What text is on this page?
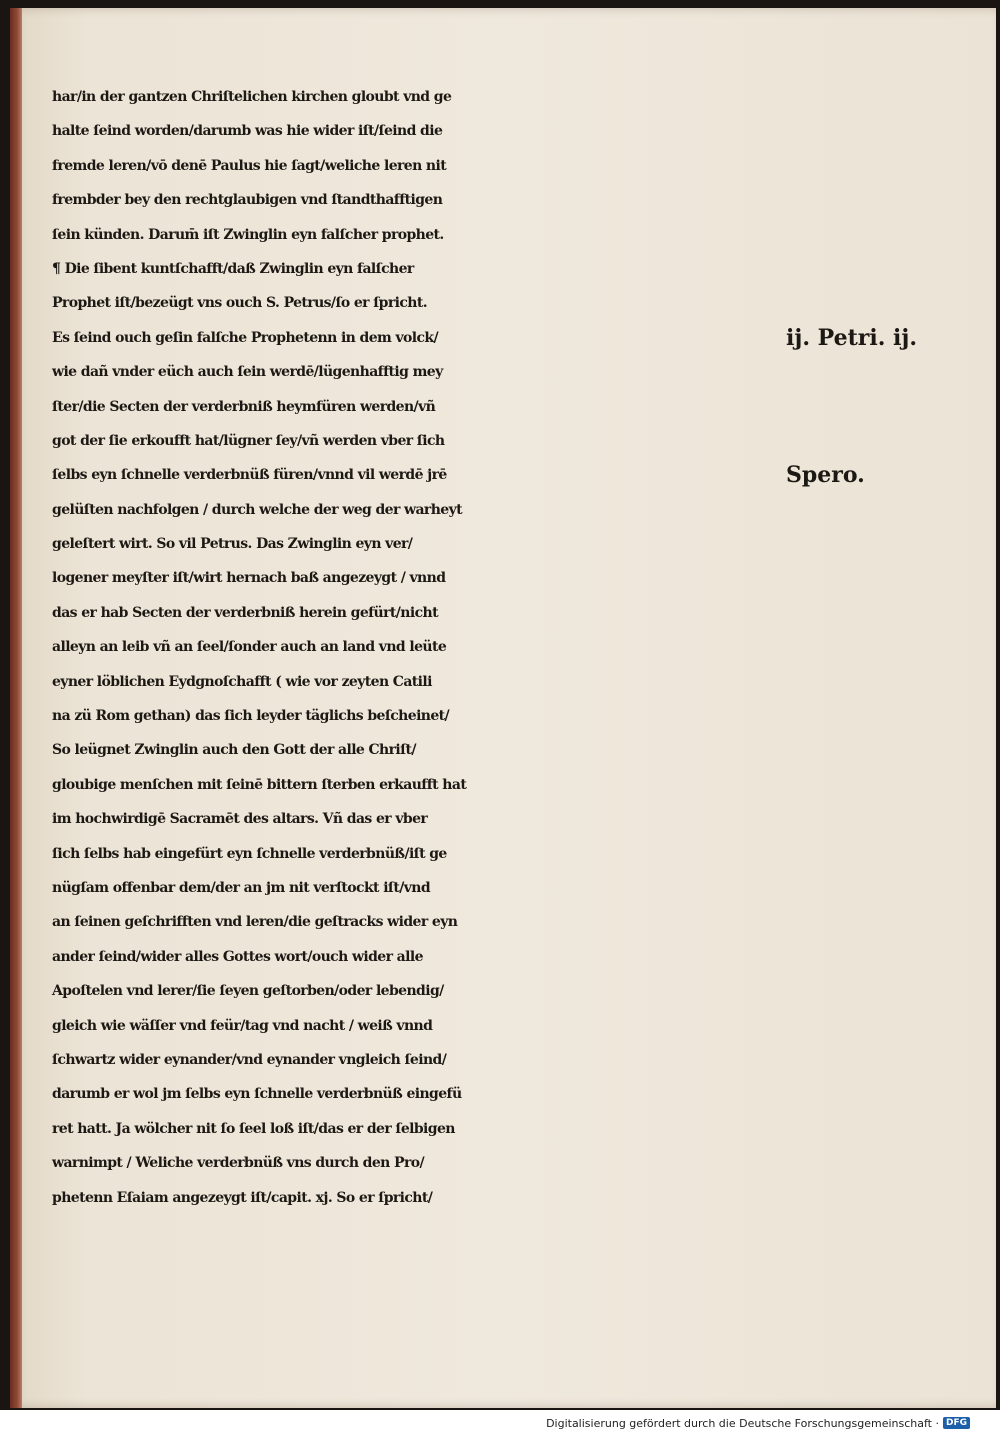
har/in der gantzen Chriſtelichen kirchen gloubt vnd ge
halte ſeind worden/darumb was hie wider iſt/ſeind die
fremde leren/vō denē Paulus hie ſagt/weliche leren nit
frembder bey den rechtglaubigen vnd ſtandthafftigen
ſein künden. Darum̄ iſt Zwinglin eyn falſcher prophet.
¶ Die ſibent kuntſchafft/daß Zwinglin eyn falſcher
Prophet iſt/bezeügt vns ouch S. Petrus/ſo er ſpricht.
Es ſeind ouch geſin falſche Prophetenn in dem volck/
wie dañ vnder eüch auch ſein werdē/lügenhafftig mey
ſter/die Secten der verderbniß heymfüren werden/vñ
got der ſie erkoufft hat/lügner ſey/vñ werden vber ſich
ſelbs eyn ſchnelle verderbnüß füren/vnnd vil werdē jrē
gelüſten nachfolgen / durch welche der weg der warheyt
geleſtert wirt. So vil Petrus. Das Zwinglin eyn ver/
logener meyſter iſt/wirt hernach baß angezeygt / vnnd
das er hab Secten der verderbniß herein gefürt/nicht
alleyn an leib vñ an ſeel/ſonder auch an land vnd leüte
eyner löblichen Eydgnoſchafft ( wie vor zeyten Catili
na zü Rom gethan) das ſich leyder täglichs beſcheinet/
So leügnet Zwinglin auch den Gott der alle Chriſt/
gloubige menſchen mit ſeinē bittern ſterben erkaufft hat
im hochwirdigē Sacramēt des altars. Vñ das er vber
ſich ſelbs hab eingefürt eyn ſchnelle verderbnüß/iſt ge
nügſam offenbar dem/der an jm nit verſtockt iſt/vnd
an ſeinen geſchrifften vnd leren/die geſtracks wider eyn
ander ſeind/wider alles Gottes wort/ouch wider alle
Apoſtelen vnd lerer/ſie ſeyen geſtorben/oder lebendig/
gleich wie wäſſer vnd feür/tag vnd nacht / weiß vnnd
ſchwartz wider eynander/vnd eynander vngleich ſeind/
darumb er wol jm ſelbs eyn ſchnelle verderbnüß eingefü
ret hatt. Ja wölcher nit ſo ſeel loß iſt/das er der ſelbigen
warnimpt / Weliche verderbnüß vns durch den Pro/
phetenn Eſaiam angezeygt iſt/capit. xj. So er ſpricht/
ij. Petri. ij.
Spero.
Digitalisierung gefördert durch die Deutsche Forschungsgemeinschaft · DFG
